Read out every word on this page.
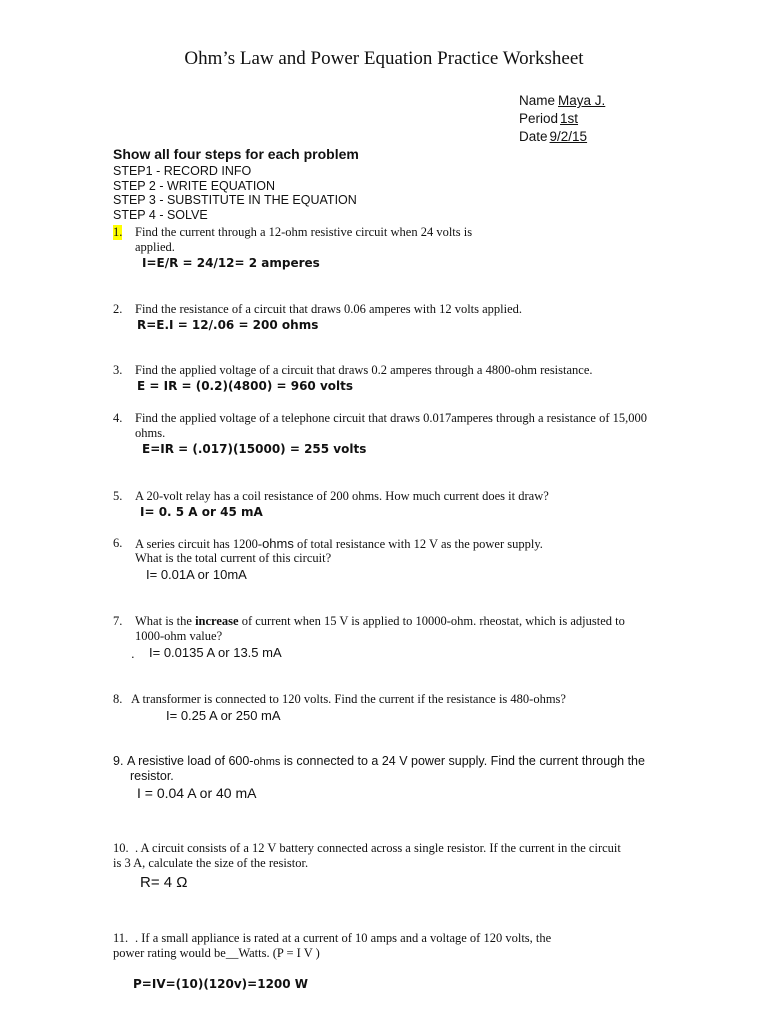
Ohm’s Law and Power Equation Practice Worksheet
Name Maya J.
Period 1st
Date 9/2/15
Show all four steps for each problem
STEP1 - RECORD INFO
STEP 2 - WRITE EQUATION
STEP 3 - SUBSTITUTE IN THE EQUATION
STEP 4 - SOLVE
1. Find the current through a 12-ohm resistive circuit when 24 volts is
applied.
I=E/R = 24/12= 2 amperes
2. Find the resistance of a circuit that draws 0.06 amperes with 12 volts applied.
R=E.I = 12/.06 = 200 ohms
3. Find the applied voltage of a circuit that draws 0.2 amperes through a 4800-ohm resistance.
E = IR = (0.2)(4800) = 960 volts
4. Find the applied voltage of a telephone circuit that draws 0.017amperes through a resistance of 15,000
ohms.
E=IR = (.017)(15000) = 255 volts
5. A 20-volt relay has a coil resistance of 200 ohms. How much current does it draw?
I= 0. 5 A or 45 mA
6. A series circuit has 1200-ohms of total resistance with 12 V as the power supply.
What is the total current of this circuit?
I= 0.01A or 10mA
7. What is the increase of current when 15 V is applied to 10000-ohm. rheostat, which is adjusted to
1000-ohm value?
. I= 0.0135 A or 13.5 mA
8. A transformer is connected to 120 volts. Find the current if the resistance is 480-ohms?
I= 0.25 A or 250 mA
9. A resistive load of 600-ohms is connected to a 24 V power supply. Find the current through the
resistor.
I = 0.04 A or 40 mA
10. . A circuit consists of a 12 V battery connected across a single resistor. If the current in the circuit
is 3 A, calculate the size of the resistor.
R= 4 Ω
11. . If a small appliance is rated at a current of 10 amps and a voltage of 120 volts, the
power rating would be__Watts. (P = I V )
P=IV=(10)(120v)=1200 W
